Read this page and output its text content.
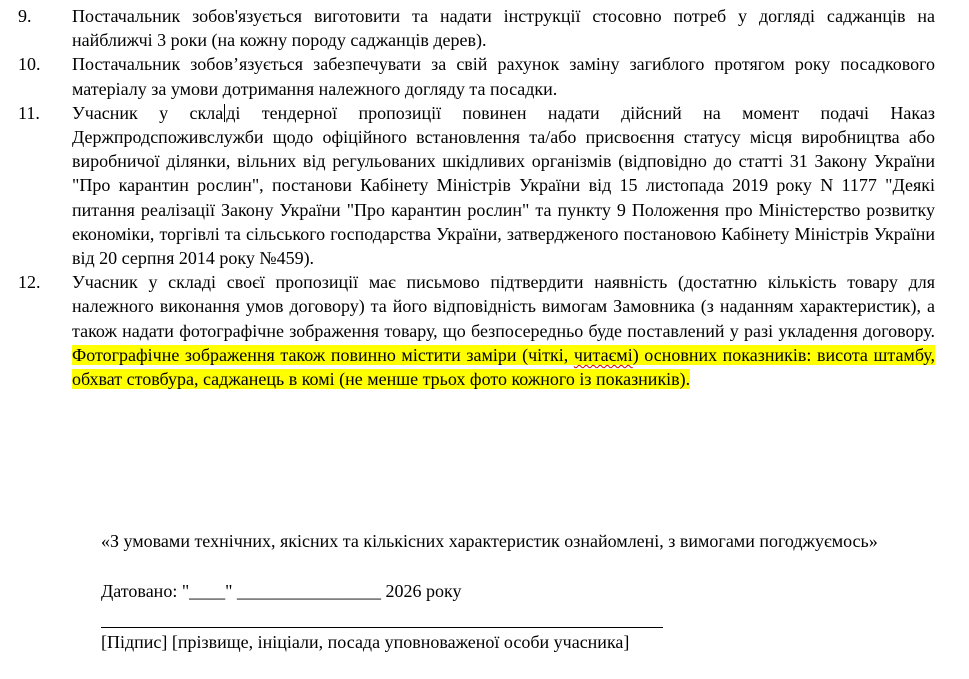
9.	Постачальник зобов'язується виготовити та надати інструкції стосовно потреб у догляді саджанців на найближчі 3 роки (на кожну породу саджанців дерев).
10.	Постачальник зобов’язується забезпечувати за свій рахунок заміну загиблого протягом року посадкового матеріалу за умови дотримання належного догляду та посадки.
11.	Учасник у скла ді тендерної пропозиції повинен надати дійсний на момент подачі Наказ Держпродспоживслужби щодо офіційного встановлення та/або присвоєння статусу місця виробництва або виробничої ділянки, вільних від регульованих шкідливих організмів (відповідно до статті 31 Закону України "Про карантин рослин", постанови Кабінету Міністрів України від 15 листопада 2019 року N 1177 "Деякі питання реалізації Закону України "Про карантин рослин" та пункту 9 Положення про Міністерство розвитку економіки, торгівлі та сільського господарства України, затвердженого постановою Кабінету Міністрів України від 20 серпня 2014 року №459).
12.	Учасник у складі своєї пропозиції має письмово підтвердити наявність (достатню кількість товару для належного виконання умов договору) та його відповідність вимогам Замовника (з наданням характеристик), а також надати фотографічне зображення товару, що безпосередньо буде поставлений у разі укладення договору. Фотографічне зображення також повинно містити заміри (чіткі, читаємі) основних показників: висота штамбу, обхват стовбура, саджанець в комі (не менше трьох фото кожного із показників).
«З умовами технічних, якісних та кількісних характеристик ознайомлені, з вимогами погоджуємось»
Датовано: "____" ________________ 2026 року
[Підпис] [прізвище, ініціали, посада уповноваженої особи учасника]
